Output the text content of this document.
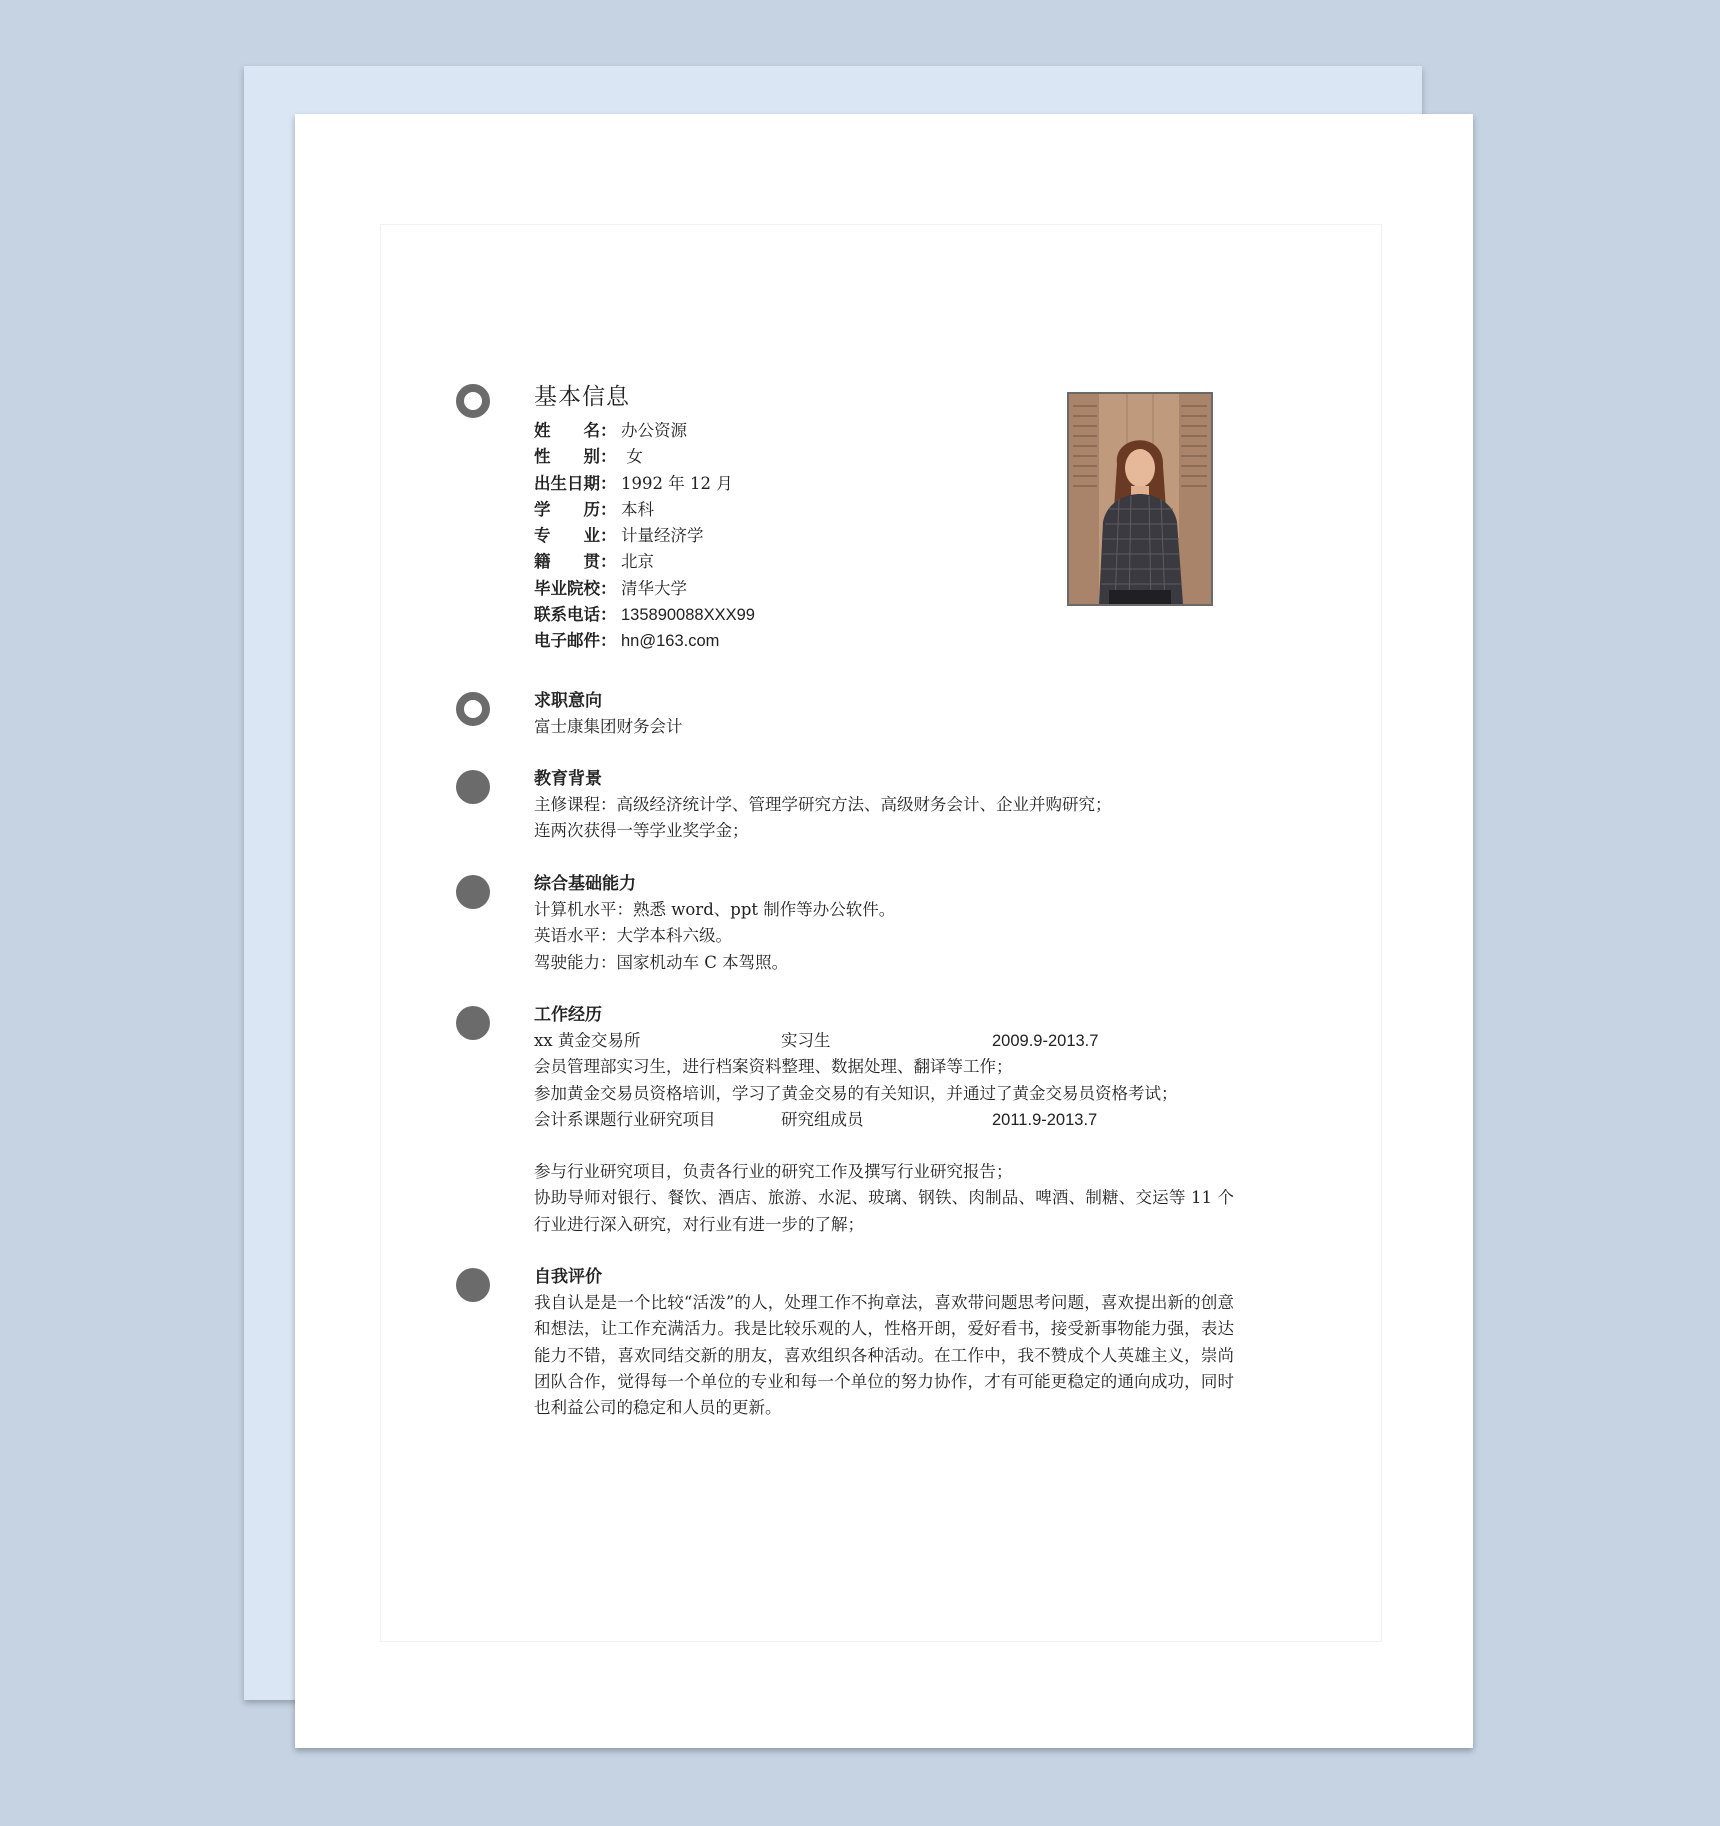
基本信息
姓　　名： 办公资源
性　　别： 女
出生日期： 1992 年 12 月
学　　历： 本科
专　　业： 计量经济学
籍　　贯： 北京
毕业院校： 清华大学
联系电话： 135890088XXX99
电子邮件： hn@163.com
求职意向
富士康集团财务会计
教育背景
主修课程：高级经济统计学、管理学研究方法、高级财务会计、企业并购研究；
连两次获得一等学业奖学金；
综合基础能力
计算机水平：熟悉 word、ppt 制作等办公软件。
英语水平：大学本科六级。
驾驶能力：国家机动车 C 本驾照。
工作经历
xx 黄金交易所	实习生	2009.9-2013.7
会员管理部实习生，进行档案资料整理、数据处理、翻译等工作；
参加黄金交易员资格培训，学习了黄金交易的有关知识，并通过了黄金交易员资格考试；
会计系课题行业研究项目	研究组成员	2011.9-2013.7
参与行业研究项目，负责各行业的研究工作及撰写行业研究报告；
协助导师对银行、餐饮、酒店、旅游、水泥、玻璃、钢铁、肉制品、啤酒、制糖、交运等 11 个行业进行深入研究，对行业有进一步的了解；
自我评价
我自认是是一个比较“活泼”的人，处理工作不拘章法，喜欢带问题思考问题，喜欢提出新的创意和想法，让工作充满活力。我是比较乐观的人，性格开朗，爱好看书，接受新事物能力强，表达能力不错，喜欢同结交新的朋友，喜欢组织各种活动。在工作中，我不赞成个人英雄主义，崇尚团队合作，觉得每一个单位的专业和每一个单位的努力协作，才有可能更稳定的通向成功，同时也利益公司的稳定和人员的更新。
